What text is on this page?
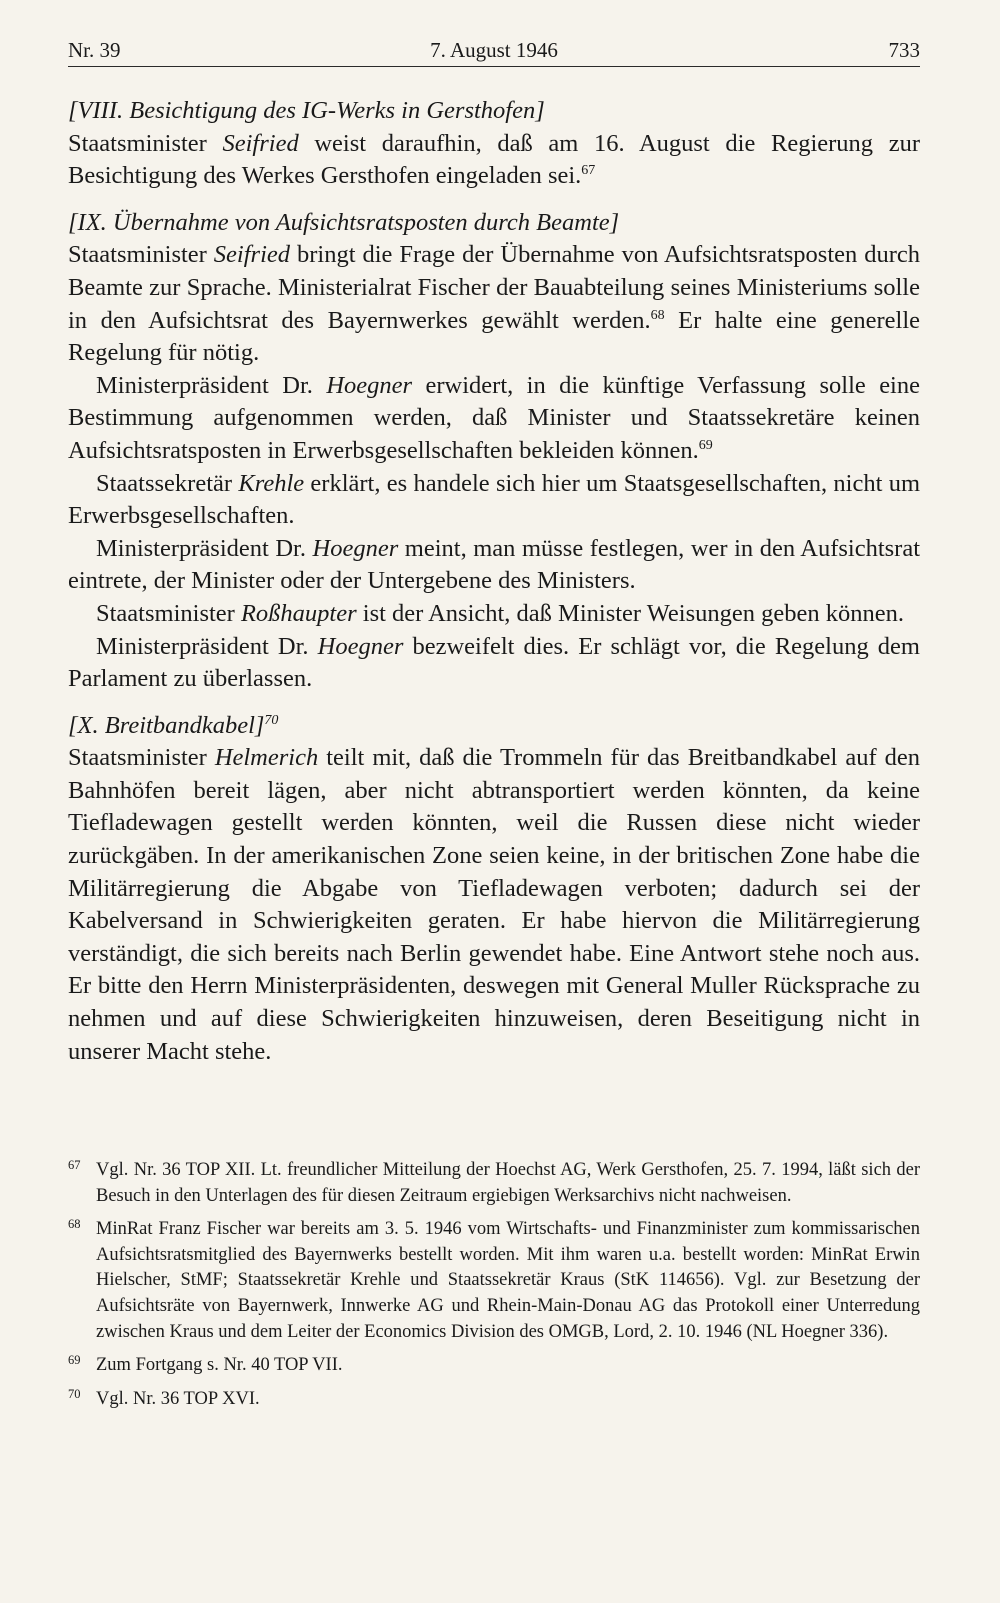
Nr. 39	7. August 1946	733

[VIII. Besichtigung des IG-Werks in Gersthofen]

Staatsminister Seifried weist daraufhin, daß am 16. August die Regierung zur Besichtigung des Werkes Gersthofen eingeladen sei.$^{67}$

[IX. Übernahme von Aufsichtsratsposten durch Beamte]

Staatsminister Seifried bringt die Frage der Übernahme von Aufsichtsratsposten durch Beamte zur Sprache. Ministerialrat Fischer der Bauabteilung seines Ministeriums solle in den Aufsichtsrat des Bayernwerkes gewählt werden.$^{68}$ Er halte eine generelle Regelung für nötig.

Ministerpräsident Dr. Hoegner erwidert, in die künftige Verfassung solle eine Bestimmung aufgenommen werden, daß Minister und Staatssekretäre keinen Aufsichtsratsposten in Erwerbsgesellschaften bekleiden können.$^{69}$

Staatssekretär Krehle erklärt, es handele sich hier um Staatsgesellschaften, nicht um Erwerbsgesellschaften.

Ministerpräsident Dr. Hoegner meint, man müsse festlegen, wer in den Aufsichtsrat eintrete, der Minister oder der Untergebene des Ministers.

Staatsminister Roßhaupter ist der Ansicht, daß Minister Weisungen geben können.

Ministerpräsident Dr. Hoegner bezweifelt dies. Er schlägt vor, die Regelung dem Parlament zu überlassen.

[X. Breitbandkabel]$^{70}$

Staatsminister Helmerich teilt mit, daß die Trommeln für das Breitbandkabel auf den Bahnhöfen bereit lägen, aber nicht abtransportiert werden könnten, da keine Tiefladewagen gestellt werden könnten, weil die Russen diese nicht wieder zurückgäben. In der amerikanischen Zone seien keine, in der britischen Zone habe die Militärregierung die Abgabe von Tiefladewagen verboten; dadurch sei der Kabelversand in Schwierigkeiten geraten. Er habe hiervon die Militärregierung verständigt, die sich bereits nach Berlin gewendet habe. Eine Antwort stehe noch aus. Er bitte den Herrn Ministerpräsidenten, deswegen mit General Muller Rücksprache zu nehmen und auf diese Schwierigkeiten hinzuweisen, deren Beseitigung nicht in unserer Macht stehe.

67 Vgl. Nr. 36 TOP XII. Lt. freundlicher Mitteilung der Hoechst AG, Werk Gersthofen, 25. 7. 1994, läßt sich der Besuch in den Unterlagen des für diesen Zeitraum ergiebigen Werksarchivs nicht nachweisen.

68 MinRat Franz Fischer war bereits am 3. 5. 1946 vom Wirtschafts- und Finanzminister zum kommissarischen Aufsichtsratsmitglied des Bayernwerks bestellt worden. Mit ihm waren u.a. bestellt worden: MinRat Erwin Hielscher, StMF; Staatssekretär Krehle und Staatssekretär Kraus (StK 114656). Vgl. zur Besetzung der Aufsichtsräte von Bayernwerk, Innwerke AG und Rhein-Main-Donau AG das Protokoll einer Unterredung zwischen Kraus und dem Leiter der Economics Division des OMGB, Lord, 2. 10. 1946 (NL Hoegner 336).

69 Zum Fortgang s. Nr. 40 TOP VII.

70 Vgl. Nr. 36 TOP XVI.
